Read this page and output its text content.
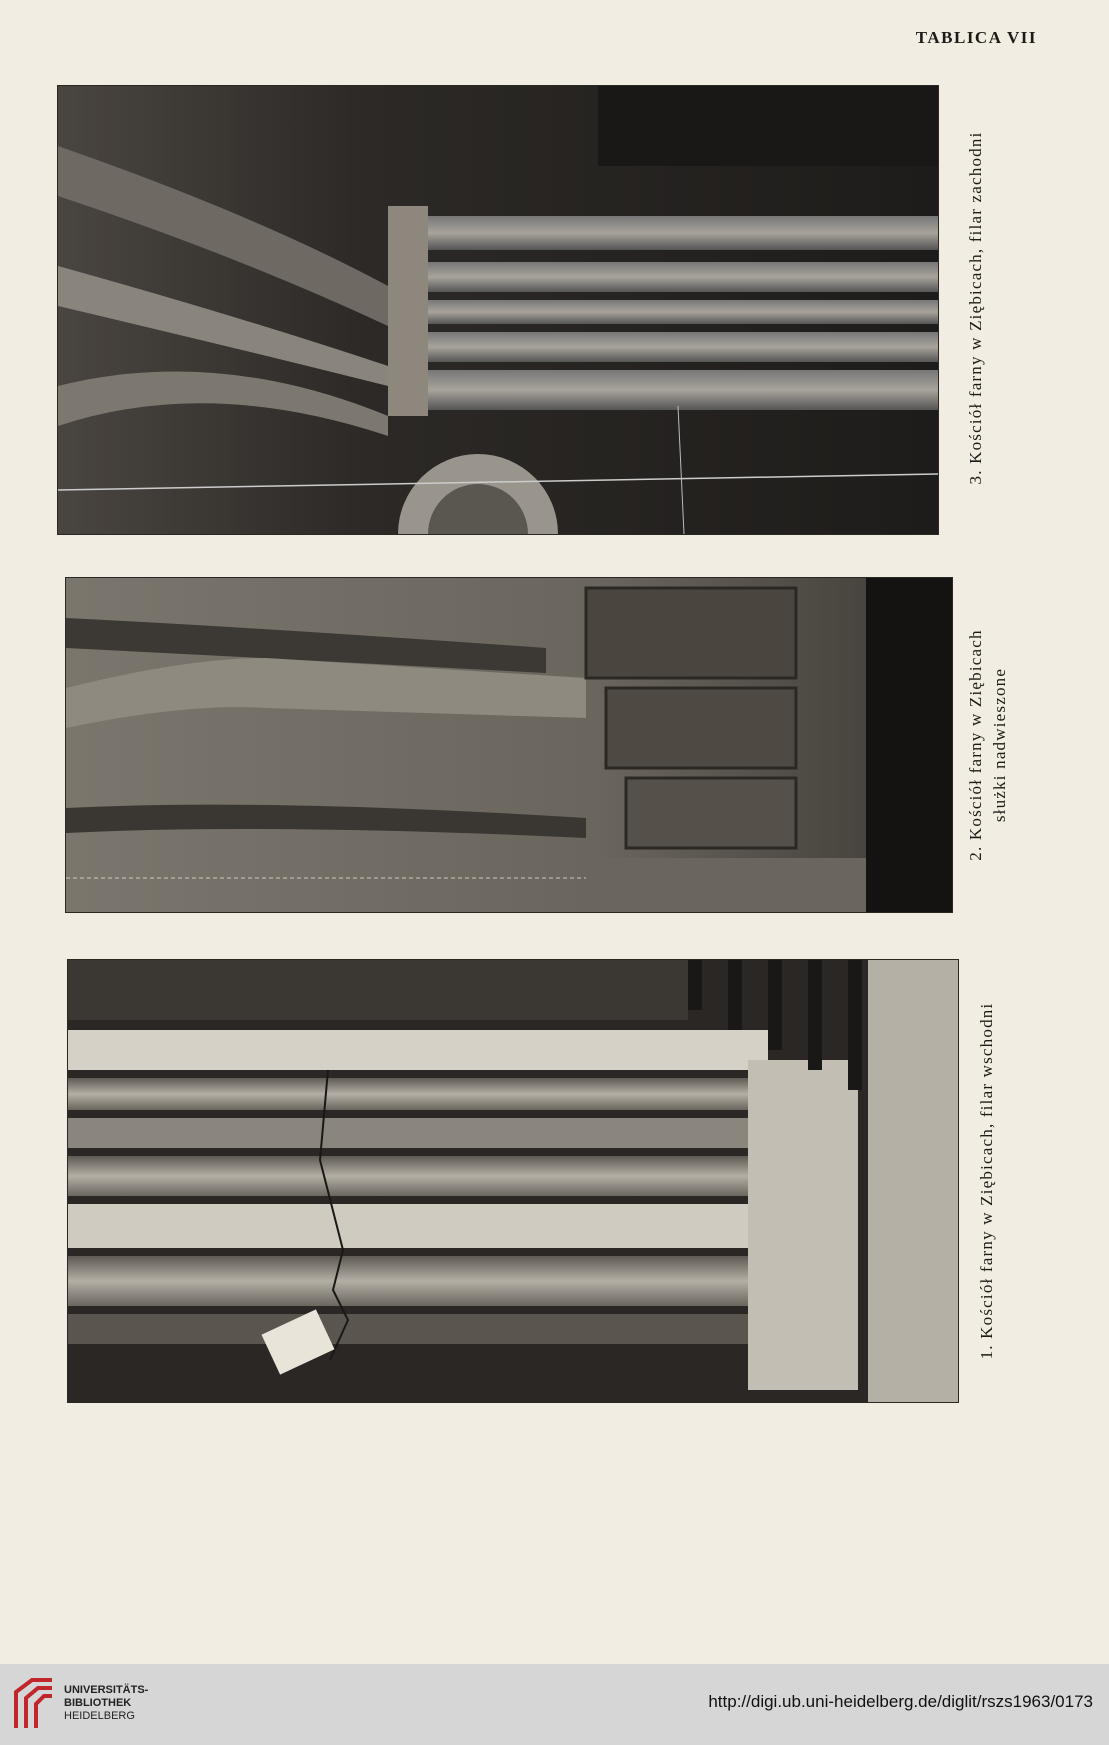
TABLICA VII
3. Kościół farny w Ziębicach, filar zachodni
2. Kościół farny w Ziębicach służki nadwieszone
1. Kościół farny w Ziębicach, filar wschodni
UNIVERSITÄTS-
BIBLIOTHEK
HEIDELBERG
http://digi.ub.uni-heidelberg.de/diglit/rszs1963/0173
